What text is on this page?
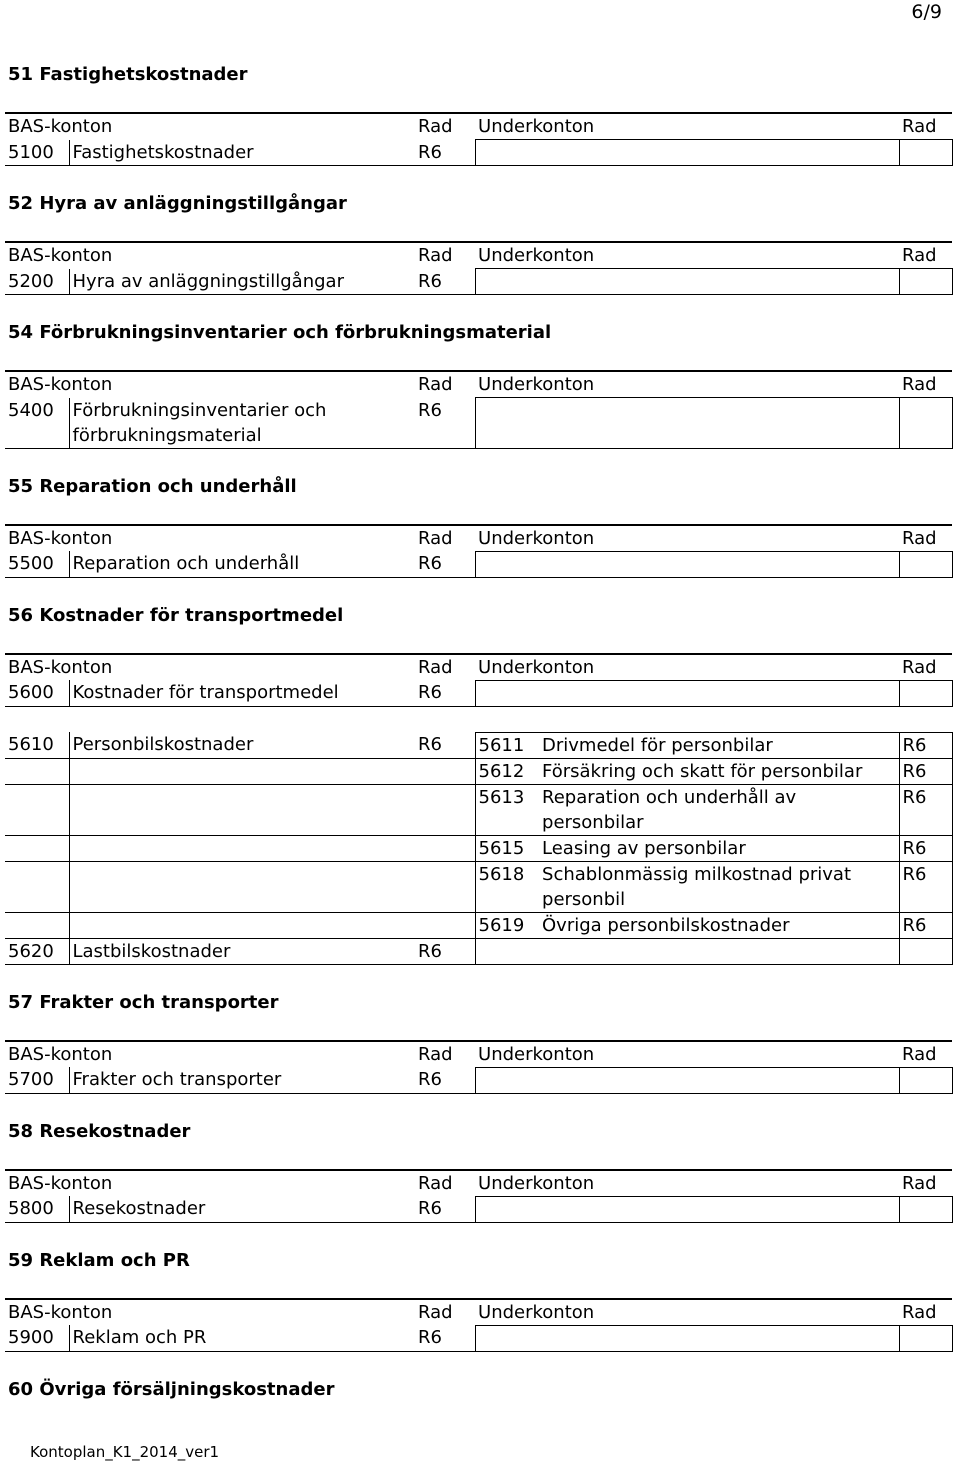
6/9
51 Fastighetskostnader
BAS-konton		Rad	Underkonton		Rad
5100	Fastighetskostnader	R6			
52 Hyra av anläggningstillgångar
BAS-konton		Rad	Underkonton		Rad
5200	Hyra av anläggningstillgångar	R6			
54 Förbrukningsinventarier och förbrukningsmaterial
BAS-konton		Rad	Underkonton		Rad
5400	Förbrukningsinventarier och förbrukningsmaterial	R6			
55 Reparation och underhåll
BAS-konton		Rad	Underkonton		Rad
5500	Reparation och underhåll	R6			
56 Kostnader för transportmedel
BAS-konton		Rad	Underkonton		Rad
5600	Kostnader för transportmedel	R6			

5610	Personbilskostnader	R6	5611	Drivmedel för personbilar	R6
			5612	Försäkring och skatt för personbilar	R6
			5613	Reparation och underhåll av personbilar	R6
			5615	Leasing av personbilar	R6
			5618	Schablonmässig milkostnad privat personbil	R6
			5619	Övriga personbilskostnader	R6
5620	Lastbilskostnader	R6			
57 Frakter och transporter
BAS-konton		Rad	Underkonton		Rad
5700	Frakter och transporter	R6			
58 Resekostnader
BAS-konton		Rad	Underkonton		Rad
5800	Resekostnader	R6			
59 Reklam och PR
BAS-konton		Rad	Underkonton		Rad
5900	Reklam och PR	R6			
60 Övriga försäljningskostnader
Kontoplan_K1_2014_ver1
